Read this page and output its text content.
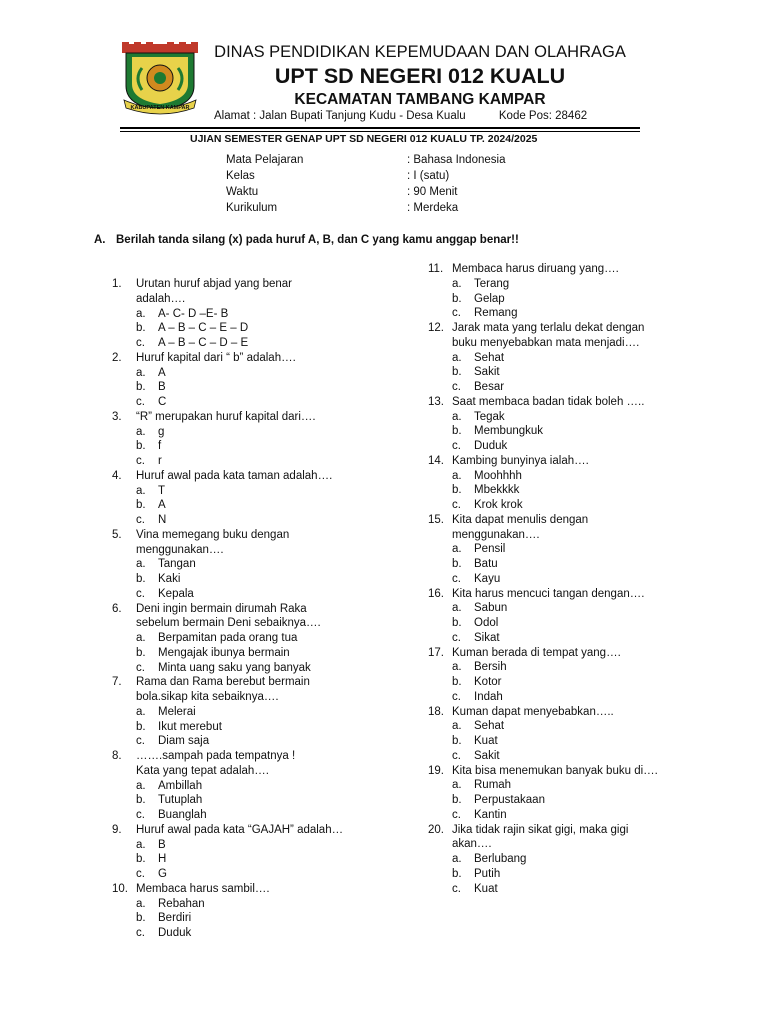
KABUPATEN KAMPAR
DINAS PENDIDIKAN KEPEMUDAAN DAN OLAHRAGA
UPT SD NEGERI 012 KUALU
KECAMATAN TAMBANG KAMPAR
Alamat : Jalan Bupati Tanjung Kudu - Desa Kualu	Kode Pos: 28462
UJIAN SEMESTER GENAP UPT SD NEGERI 012 KUALU TP. 2024/2025
Mata Pelajaran	: Bahasa Indonesia
Kelas	: I (satu)
Waktu	: 90 Menit
Kurikulum	: Merdeka
A. Berilah tanda silang (x) pada huruf A, B, dan C yang kamu anggap benar!!
1.	Urutan huruf abjad yang benar
adalah….
a. A- C- D –E- B
b. A – B – C – E – D
c. A – B – C – D – E
2.	Huruf kapital dari “ b” adalah….
a. A
b. B
c. C
3.	“R” merupakan huruf kapital dari….
a. g
b. f
c. r
4.	Huruf awal pada kata taman adalah….
a. T
b. A
c. N
5.	Vina memegang buku dengan
menggunakan….
a. Tangan
b. Kaki
c. Kepala
6.	Deni ingin bermain dirumah Raka
sebelum bermain Deni sebaiknya….
a. Berpamitan pada orang tua
b. Mengajak ibunya bermain
c. Minta uang saku yang banyak
7.	Rama dan Rama berebut bermain
bola.sikap kita sebaiknya….
a. Melerai
b. Ikut merebut
c. Diam saja
8.	…….sampah pada tempatnya !
Kata yang tepat adalah….
a. Ambillah
b. Tutuplah
c. Buanglah
9.	Huruf awal pada kata “GAJAH” adalah…
a. B
b. H
c. G
10. Membaca harus sambil….
a. Rebahan
b. Berdiri
c. Duduk
11. Membaca harus diruang yang….
a. Terang
b. Gelap
c. Remang
12. Jarak mata yang terlalu dekat dengan
buku menyebabkan mata menjadi….
a. Sehat
b. Sakit
c. Besar
13. Saat membaca badan tidak boleh …..
a. Tegak
b. Membungkuk
c. Duduk
14. Kambing bunyinya ialah….
a. Moohhhh
b. Mbekkkk
c. Krok krok
15. Kita dapat menulis dengan
menggunakan….
a. Pensil
b. Batu
c. Kayu
16. Kita harus mencuci tangan dengan….
a. Sabun
b. Odol
c. Sikat
17. Kuman berada di tempat yang….
a. Bersih
b. Kotor
c. Indah
18. Kuman dapat menyebabkan…..
a. Sehat
b. Kuat
c. Sakit
19. Kita bisa menemukan banyak buku di….
a. Rumah
b. Perpustakaan
c. Kantin
20. Jika tidak rajin sikat gigi, maka gigi
akan….
a. Berlubang
b. Putih
c. Kuat
